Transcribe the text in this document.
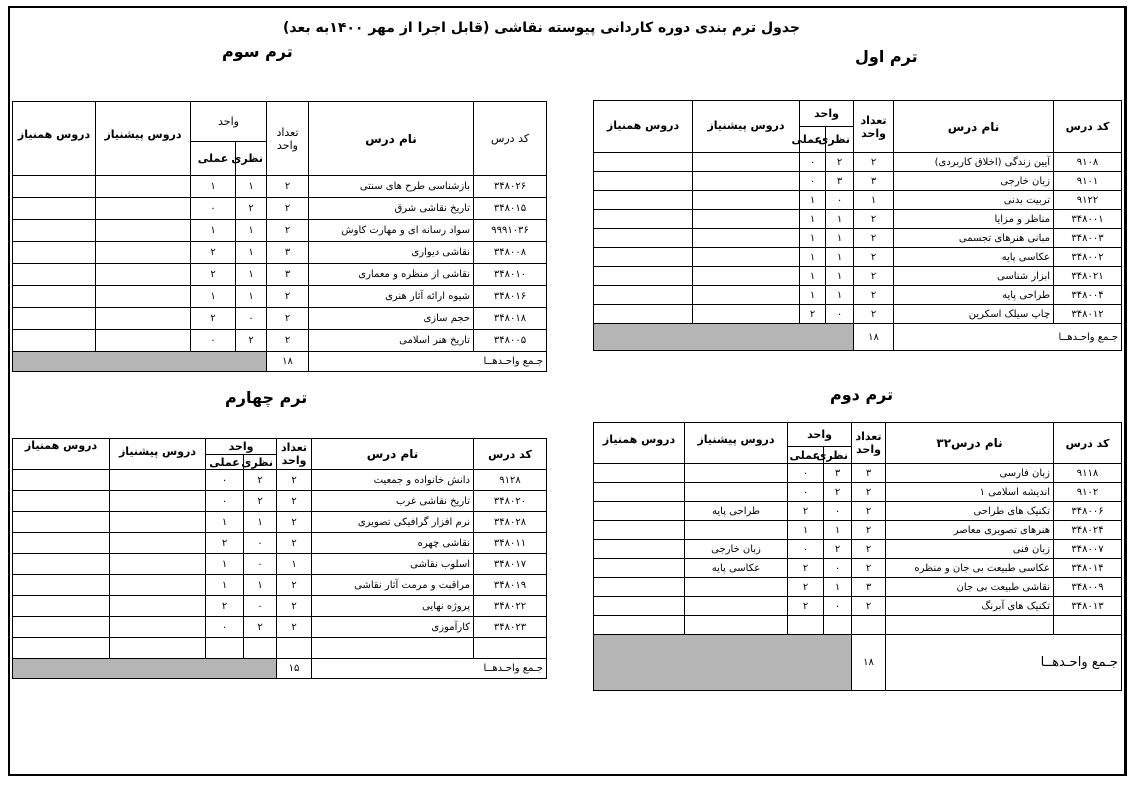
جدول ترم بندی دوره کاردانی پیوسته نقاشی (قابل اجرا از مهر ۱۴۰۰به بعد)
ترم اول
کد درس	نام درس	تعداد واحد	واحد		دروس پیشنیاز	دروس همنیاز
			نظری	عملی		
۹۱۰۸	آیین زندگی (اخلاق کاربردی)	۲	۲	۰		
۹۱۰۱	زبان خارجی	۳	۳	۰		
۹۱۲۲	تربیت بدنی	۱	۰	۱		
۳۴۸۰۰۱	مناظر و مزایا	۲	۱	۱		
۳۴۸۰۰۳	مبانی هنرهای تجسمی	۲	۱	۱		
۳۴۸۰۰۲	عکاسی پایه	۲	۱	۱		
۳۴۸۰۲۱	ابزار شناسی	۲	۱	۱		
۳۴۸۰۰۴	طراحی پایه	۲	۱	۱		
۳۴۸۰۱۲	چاپ سیلک اسکرین	۲	۰	۲		
جـمع واحـدهــا		۱۸				
ترم دوم
کد درس	نام درس۳۲	تعداد واحد	واحد		دروس پیشنیاز	دروس همنیاز
			نظری	عملی		
۹۱۱۸	زبان فارسی	۳	۳	۰		
۹۱۰۲	اندیشه اسلامی ۱	۲	۲	۰		
۳۴۸۰۰۶	تکنیک های طراحی	۲	۰	۲	طراحی پایه	
۳۴۸۰۲۴	هنرهای تصویری معاصر	۲	۱	۱		
۳۴۸۰۰۷	زبان فنی	۲	۲	۰	زبان خارجی	
۳۴۸۰۱۴	عکاسی طبیعت بی جان و منظره	۲	۰	۲	عکاسی پایه	
۳۴۸۰۰۹	نقاشی طبیعت بی جان	۳	۱	۲		
۳۴۸۰۱۳	تکنیک های آبرنگ	۲	۰	۲		

جـمع واحـدهــا		۱۸				
ترم سوم
کد درس	نام درس	تعداد واحد	واحد		دروس پیشنیاز	دروس همنیاز
			نظری	عملی		
۳۴۸۰۲۶	بازشناسی طرح های سنتی	۲	۱	۱		
۳۴۸۰۱۵	تاریخ نقاشی شرق	۲	۲	۰		
۹۹۹۱۰۳۶	سواد رسانه ای و مهارت کاوش	۲	۱	۱		
۳۴۸۰۰۸	نقاشی دیواری	۳	۱	۲		
۳۴۸۰۱۰	نقاشی از منظره و معماری	۳	۱	۲		
۳۴۸۰۱۶	شیوه ارائه آثار هنری	۲	۱	۱		
۳۴۸۰۱۸	حجم سازی	۲	۰	۲		
۳۴۸۰۰۵	تاریخ هنر اسلامی	۲	۲	۰		
جـمع واحـدهــا		۱۸				
ترم چهارم
کد درس	نام درس	تعداد واحد	واحد		دروس پیشنیاز	دروس همنیاز
			نظری	عملی		
۹۱۲۸	دانش خانواده و جمعیت	۲	۲	۰		
۳۴۸۰۲۰	تاریخ نقاشی غرب	۲	۲	۰		
۳۴۸۰۲۸	نرم افزار گرافیکی تصویری	۲	۱	۱		
۳۴۸۰۱۱	نقاشی چهره	۲	۰	۲		
۳۴۸۰۱۷	اسلوب نقاشی	۱	۰	۱		
۳۴۸۰۱۹	مراقبت و مرمت آثار نقاشی	۲	۱	۱		
۳۴۸۰۲۲	پروژه نهایی	۲	۰	۲		
۳۴۸۰۲۳	کارآموزی	۲	۲	۰		

جـمع واحـدهــا		۱۵				
